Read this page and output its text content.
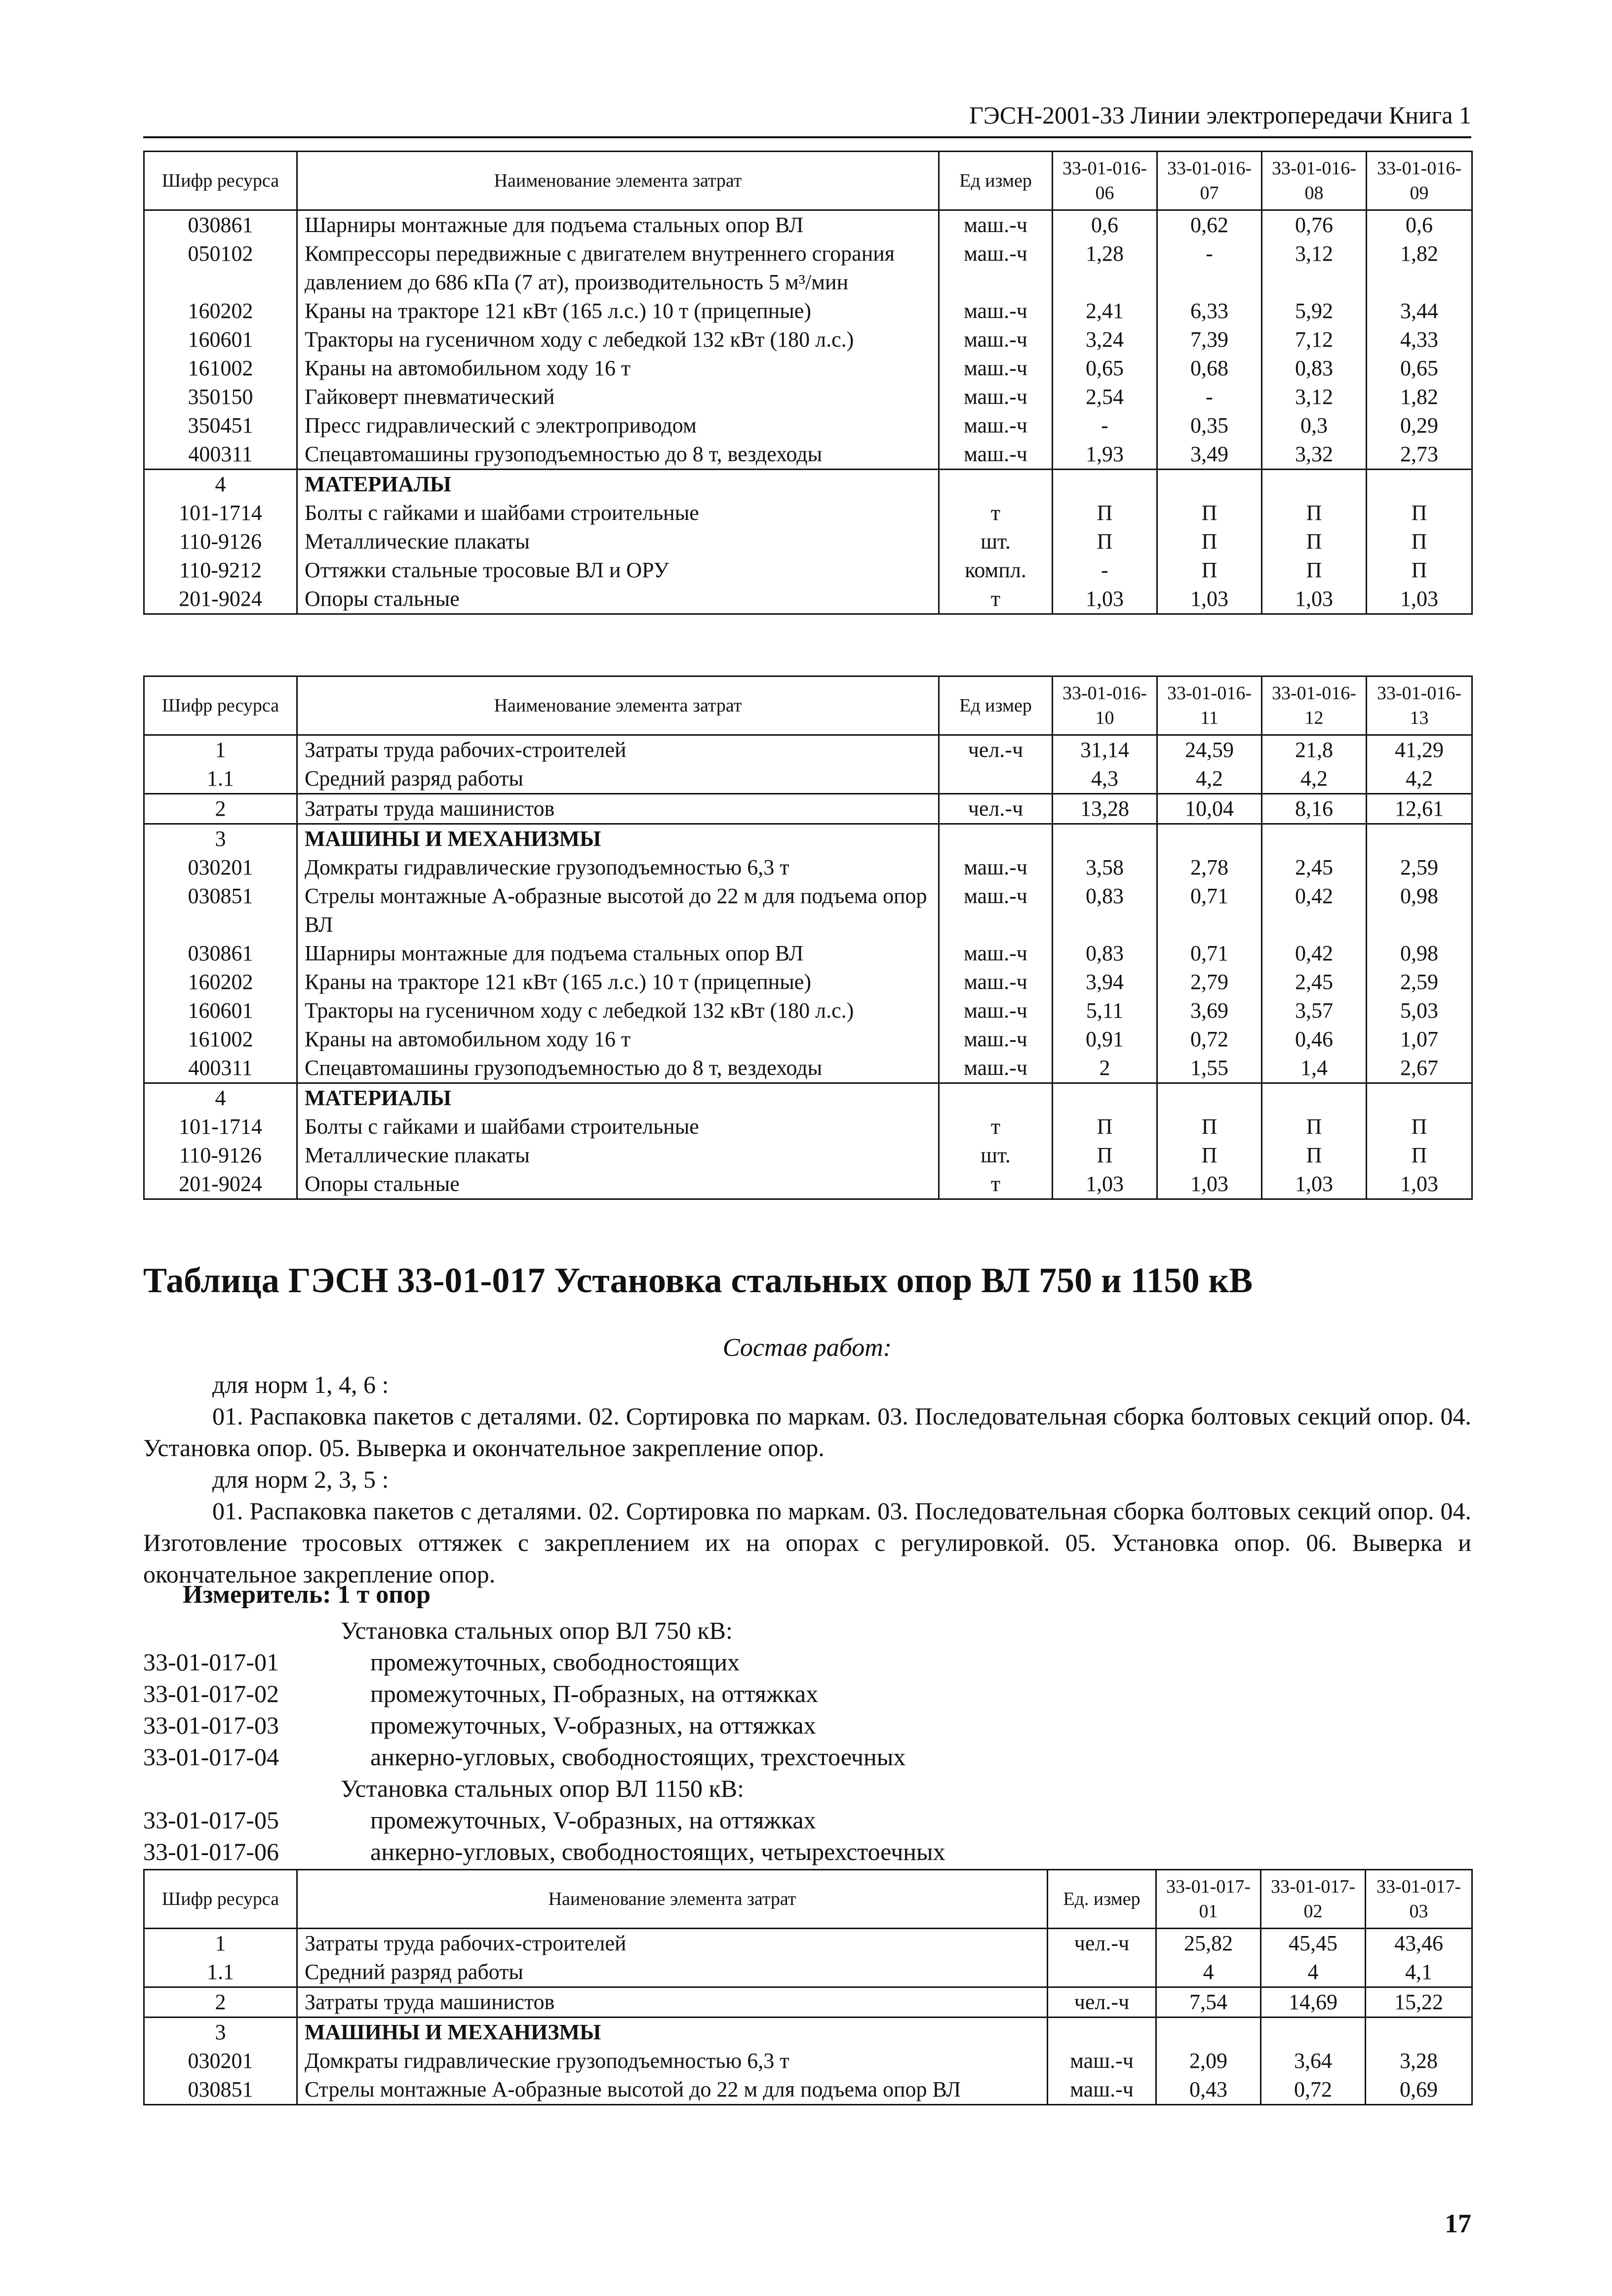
ГЭСН-2001-33 Линии электропередачи Книга 1
Шифр ресурса	Наименование элемента затрат	Ед измер	33-01-016-06	33-01-016-07	33-01-016-08	33-01-016-09
030861	Шарниры монтажные для подъема стальных опор ВЛ	маш.-ч	0,6	0,62	0,76	0,6
050102	Компрессоры передвижные с двигателем внутреннего сгорания давлением до 686 кПа (7 ат), производительность 5 м³/мин	маш.-ч	1,28	-	3,12	1,82
160202	Краны на тракторе 121 кВт (165 л.с.) 10 т (прицепные)	маш.-ч	2,41	6,33	5,92	3,44
160601	Тракторы на гусеничном ходу с лебедкой 132 кВт (180 л.с.)	маш.-ч	3,24	7,39	7,12	4,33
161002	Краны на автомобильном ходу 16 т	маш.-ч	0,65	0,68	0,83	0,65
350150	Гайковерт пневматический	маш.-ч	2,54	-	3,12	1,82
350451	Пресс гидравлический с электроприводом	маш.-ч	-	0,35	0,3	0,29
400311	Спецавтомашины грузоподъемностью до 8 т, вездеходы	маш.-ч	1,93	3,49	3,32	2,73
4	МАТЕРИАЛЫ					
101-1714	Болты с гайками и шайбами строительные	т	П	П	П	П
110-9126	Металлические плакаты	шт.	П	П	П	П
110-9212	Оттяжки стальные тросовые ВЛ и ОРУ	компл.	-	П	П	П
201-9024	Опоры стальные	т	1,03	1,03	1,03	1,03
Шифр ресурса	Наименование элемента затрат	Ед измер	33-01-016-10	33-01-016-11	33-01-016-12	33-01-016-13
1	Затраты труда рабочих-строителей	чел.-ч	31,14	24,59	21,8	41,29
1.1	Средний разряд работы		4,3	4,2	4,2	4,2
2	Затраты труда машинистов	чел.-ч	13,28	10,04	8,16	12,61
3	МАШИНЫ И МЕХАНИЗМЫ					
030201	Домкраты гидравлические грузоподъемностью 6,3 т	маш.-ч	3,58	2,78	2,45	2,59
030851	Стрелы монтажные А-образные высотой до 22 м для подъема опор ВЛ	маш.-ч	0,83	0,71	0,42	0,98
030861	Шарниры монтажные для подъема стальных опор ВЛ	маш.-ч	0,83	0,71	0,42	0,98
160202	Краны на тракторе 121 кВт (165 л.с.) 10 т (прицепные)	маш.-ч	3,94	2,79	2,45	2,59
160601	Тракторы на гусеничном ходу с лебедкой 132 кВт (180 л.с.)	маш.-ч	5,11	3,69	3,57	5,03
161002	Краны на автомобильном ходу 16 т	маш.-ч	0,91	0,72	0,46	1,07
400311	Спецавтомашины грузоподъемностью до 8 т, вездеходы	маш.-ч	2	1,55	1,4	2,67
4	МАТЕРИАЛЫ					
101-1714	Болты с гайками и шайбами строительные	т	П	П	П	П
110-9126	Металлические плакаты	шт.	П	П	П	П
201-9024	Опоры стальные	т	1,03	1,03	1,03	1,03
Таблица ГЭСН 33-01-017 Установка стальных опор ВЛ 750 и 1150 кВ
Состав работ:
для норм 1, 4, 6 :
01. Распаковка пакетов с деталями. 02. Сортировка по маркам. 03. Последовательная сборка болтовых секций опор. 04. Установка опор. 05. Выверка и окончательное закрепление опор.
для норм 2, 3, 5 :
01. Распаковка пакетов с деталями. 02. Сортировка по маркам. 03. Последовательная сборка болтовых секций опор. 04. Изготовление тросовых оттяжек с закреплением их на опорах с регулировкой. 05. Установка опор. 06. Выверка и окончательное закрепление опор.
Измеритель: 1 т опор
Установка стальных опор ВЛ 750 кВ:
33-01-017-01	промежуточных, свободностоящих
33-01-017-02	промежуточных, П-образных, на оттяжках
33-01-017-03	промежуточных, V-образных, на оттяжках
33-01-017-04	анкерно-угловых, свободностоящих, трехстоечных
Установка стальных опор ВЛ 1150 кВ:
33-01-017-05	промежуточных, V-образных, на оттяжках
33-01-017-06	анкерно-угловых, свободностоящих, четырехстоечных
Шифр ресурса	Наименование элемента затрат	Ед. измер	33-01-017-01	33-01-017-02	33-01-017-03
1	Затраты труда рабочих-строителей	чел.-ч	25,82	45,45	43,46
1.1	Средний разряд работы		4	4	4,1
2	Затраты труда машинистов	чел.-ч	7,54	14,69	15,22
3	МАШИНЫ И МЕХАНИЗМЫ				
030201	Домкраты гидравлические грузоподъемностью 6,3 т	маш.-ч	2,09	3,64	3,28
030851	Стрелы монтажные А-образные высотой до 22 м для подъема опор ВЛ	маш.-ч	0,43	0,72	0,69
17
